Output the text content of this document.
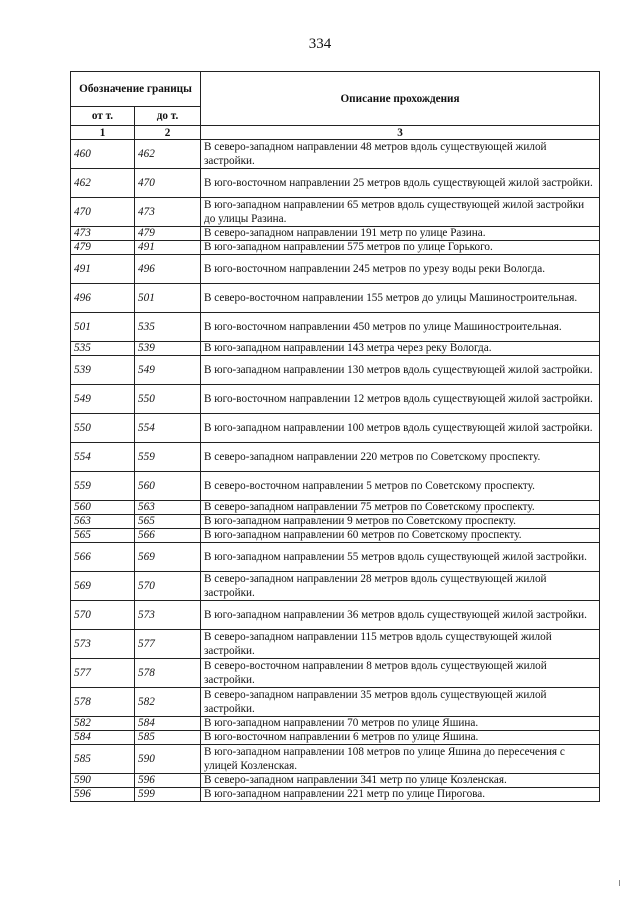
334
Обозначение границы		Описание прохождения
от т.	до т.	
1	2	3
460	462	В северо-западном направлении 48 метров вдоль существующей жилой застройки.
462	470	В юго-восточном направлении 25 метров вдоль существующей жилой застройки.
470	473	В юго-западном направлении 65 метров вдоль существующей жилой застройки до улицы Разина.
473	479	В северо-западном направлении 191 метр по улице Разина.
479	491	В юго-западном направлении 575 метров по улице Горького.
491	496	В юго-восточном направлении 245 метров по урезу воды реки Вологда.
496	501	В северо-восточном направлении 155 метров до улицы Машиностроительная.
501	535	В юго-восточном направлении 450 метров по улице Машиностроительная.
535	539	В юго-западном направлении 143 метра через реку Вологда.
539	549	В юго-западном направлении 130 метров вдоль существующей жилой застройки.
549	550	В юго-восточном направлении 12 метров вдоль существующей жилой застройки.
550	554	В юго-западном направлении 100 метров вдоль существующей жилой застройки.
554	559	В северо-западном направлении 220 метров по Советскому проспекту.
559	560	В северо-восточном направлении 5 метров по Советскому проспекту.
560	563	В северо-западном направлении 75 метров по Советскому проспекту.
563	565	В юго-западном направлении 9 метров по Советскому проспекту.
565	566	В юго-западном направлении 60 метров по Советскому проспекту.
566	569	В юго-западном направлении 55 метров вдоль существующей жилой застройки.
569	570	В северо-западном направлении 28 метров вдоль существующей жилой застройки.
570	573	В юго-западном направлении 36 метров вдоль существующей жилой застройки.
573	577	В северо-западном направлении 115 метров вдоль существующей жилой застройки.
577	578	В северо-восточном направлении 8 метров вдоль существующей жилой застройки.
578	582	В северо-западном направлении 35 метров вдоль существующей жилой застройки.
582	584	В юго-западном направлении 70 метров по улице Яшина.
584	585	В юго-восточном направлении 6 метров по улице Яшина.
585	590	В юго-западном направлении 108 метров по улице Яшина до пересечения с улицей Козленская.
590	596	В северо-западном направлении 341 метр по улице Козленская.
596	599	В юго-западном направлении 221 метр по улице Пирогова.
